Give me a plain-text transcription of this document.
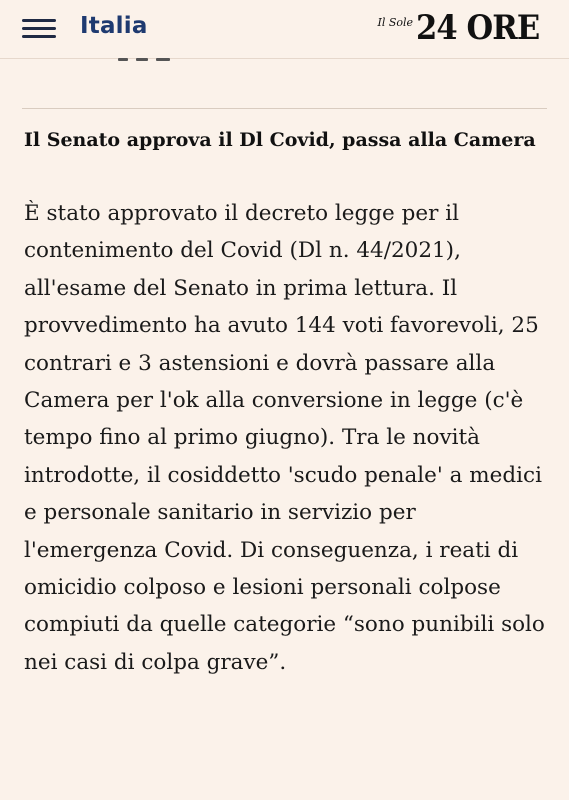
Italia	Il Sole 24 ORE
Il Senato approva il Dl Covid, passa alla Camera
È stato approvato il decreto legge per il contenimento del Covid (Dl n. 44/2021), all'esame del Senato in prima lettura. Il provvedimento ha avuto 144 voti favorevoli, 25 contrari e 3 astensioni e dovrà passare alla Camera per l'ok alla conversione in legge (c'è tempo fino al primo giugno). Tra le novità introdotte, il cosiddetto 'scudo penale' a medici e personale sanitario in servizio per l'emergenza Covid. Di conseguenza, i reati di omicidio colposo e lesioni personali colpose compiuti da quelle categorie “sono punibili solo nei casi di colpa grave”.
